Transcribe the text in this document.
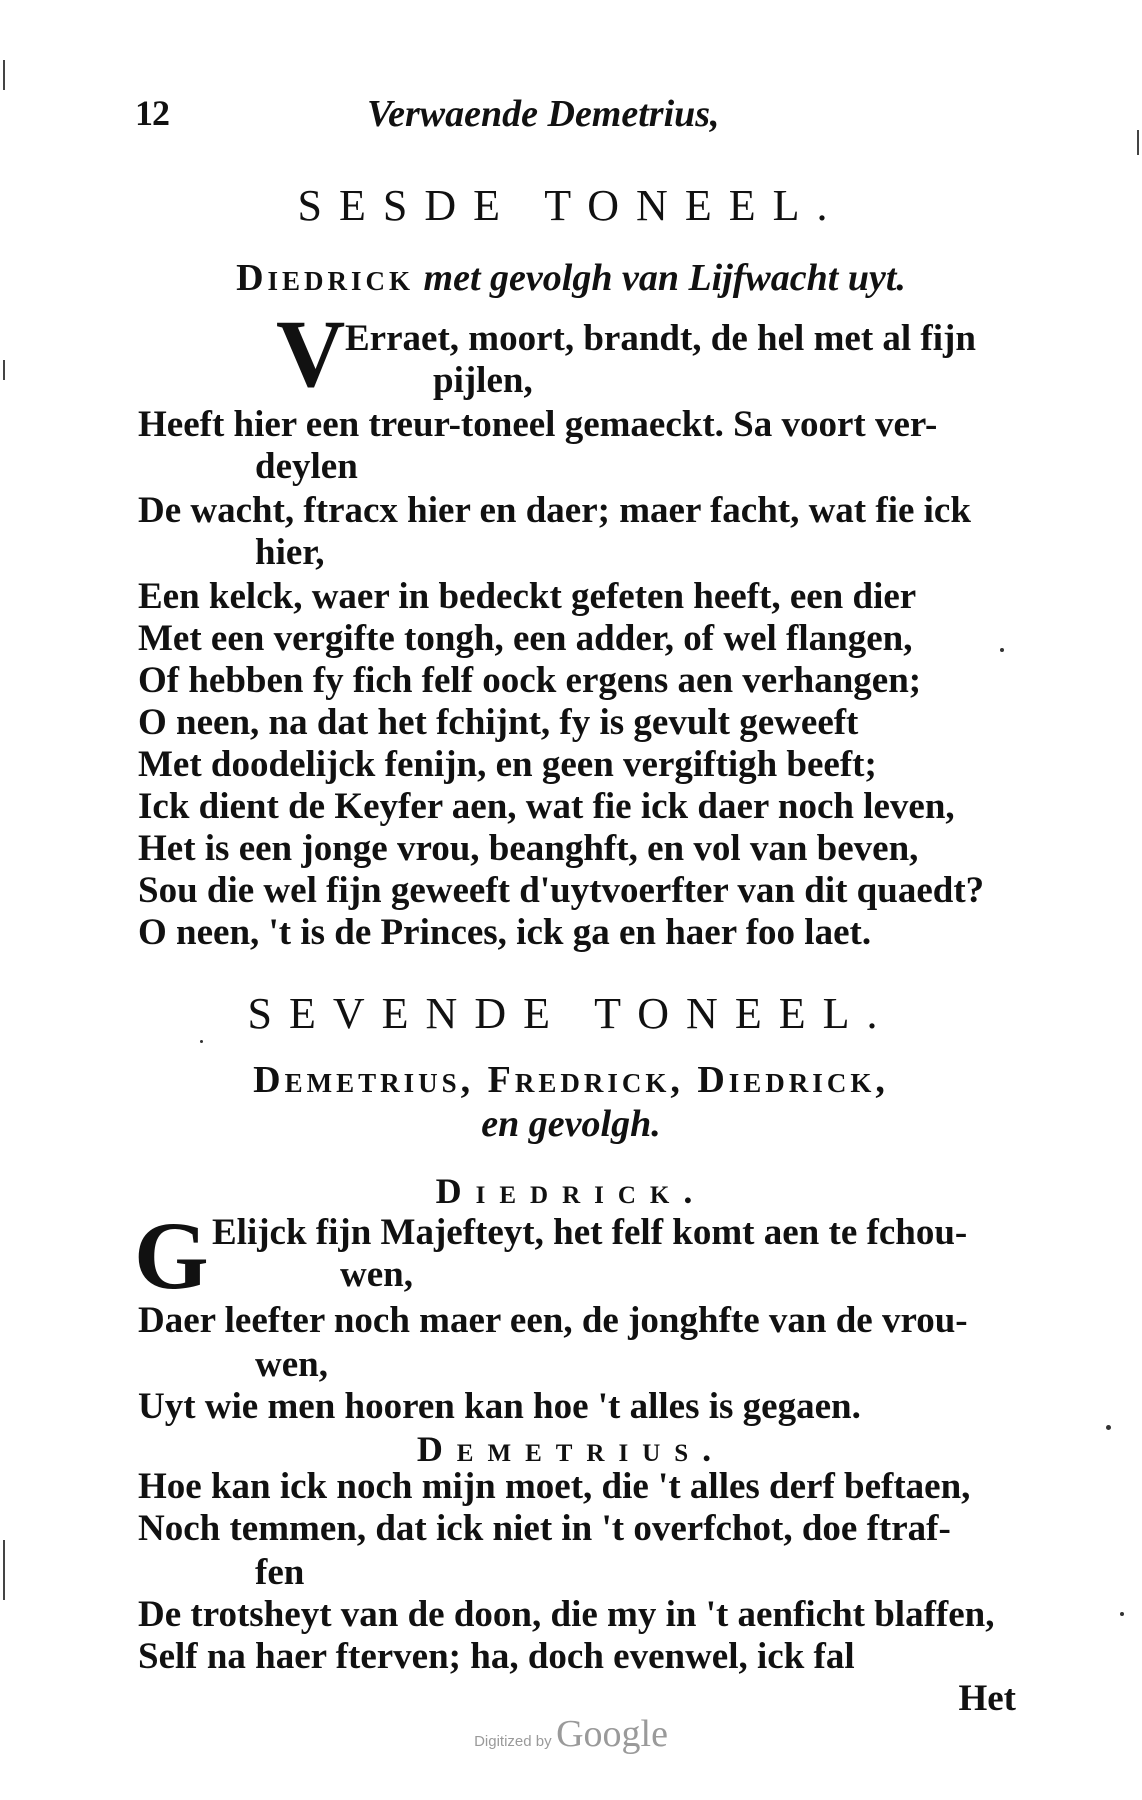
12	Verwaende Demetrius,
SESDE TONEEL.
Diedrick met gevolgh van Lijfwacht uyt.
V Erraet, moort, brandt, de hel met al fijn
pijlen,
Heeft hier een treur-toneel gemaeckt. Sa voort ver-
deylen
De wacht, ftracx hier en daer; maer facht, wat fie ick
hier,
Een kelck, waer in bedeckt gefeten heeft, een dier
Met een vergifte tongh, een adder, of wel flangen,
Of hebben fy fich felf oock ergens aen verhangen;
O neen, na dat het fchijnt, fy is gevult geweeft
Met doodelijck fenijn, en geen vergiftigh beeft;
Ick dient de Keyfer aen, wat fie ick daer noch leven,
Het is een jonge vrou, beanghft, en vol van beven,
Sou die wel fijn geweeft d'uytvoerfter van dit quaedt?
O neen, 't is de Princes, ick ga en haer foo laet.
SEVENDE TONEEL.
Demetrius, Fredrick, Diedrick,
en gevolgh.
Diedrick.
G Elijck fijn Majefteyt, het felf komt aen te fchou-
wen,
Daer leefter noch maer een, de jonghfte van de vrou-
wen,
Uyt wie men hooren kan hoe 't alles is gegaen.
Demetrius.
Hoe kan ick noch mijn moet, die 't alles derf beftaen,
Noch temmen, dat ick niet in 't overfchot, doe ftraf-
fen
De trotsheyt van de doon, die my in 't aenficht blaffen,
Self na haer fterven; ha, doch evenwel, ick fal
Het
Digitized by Google
